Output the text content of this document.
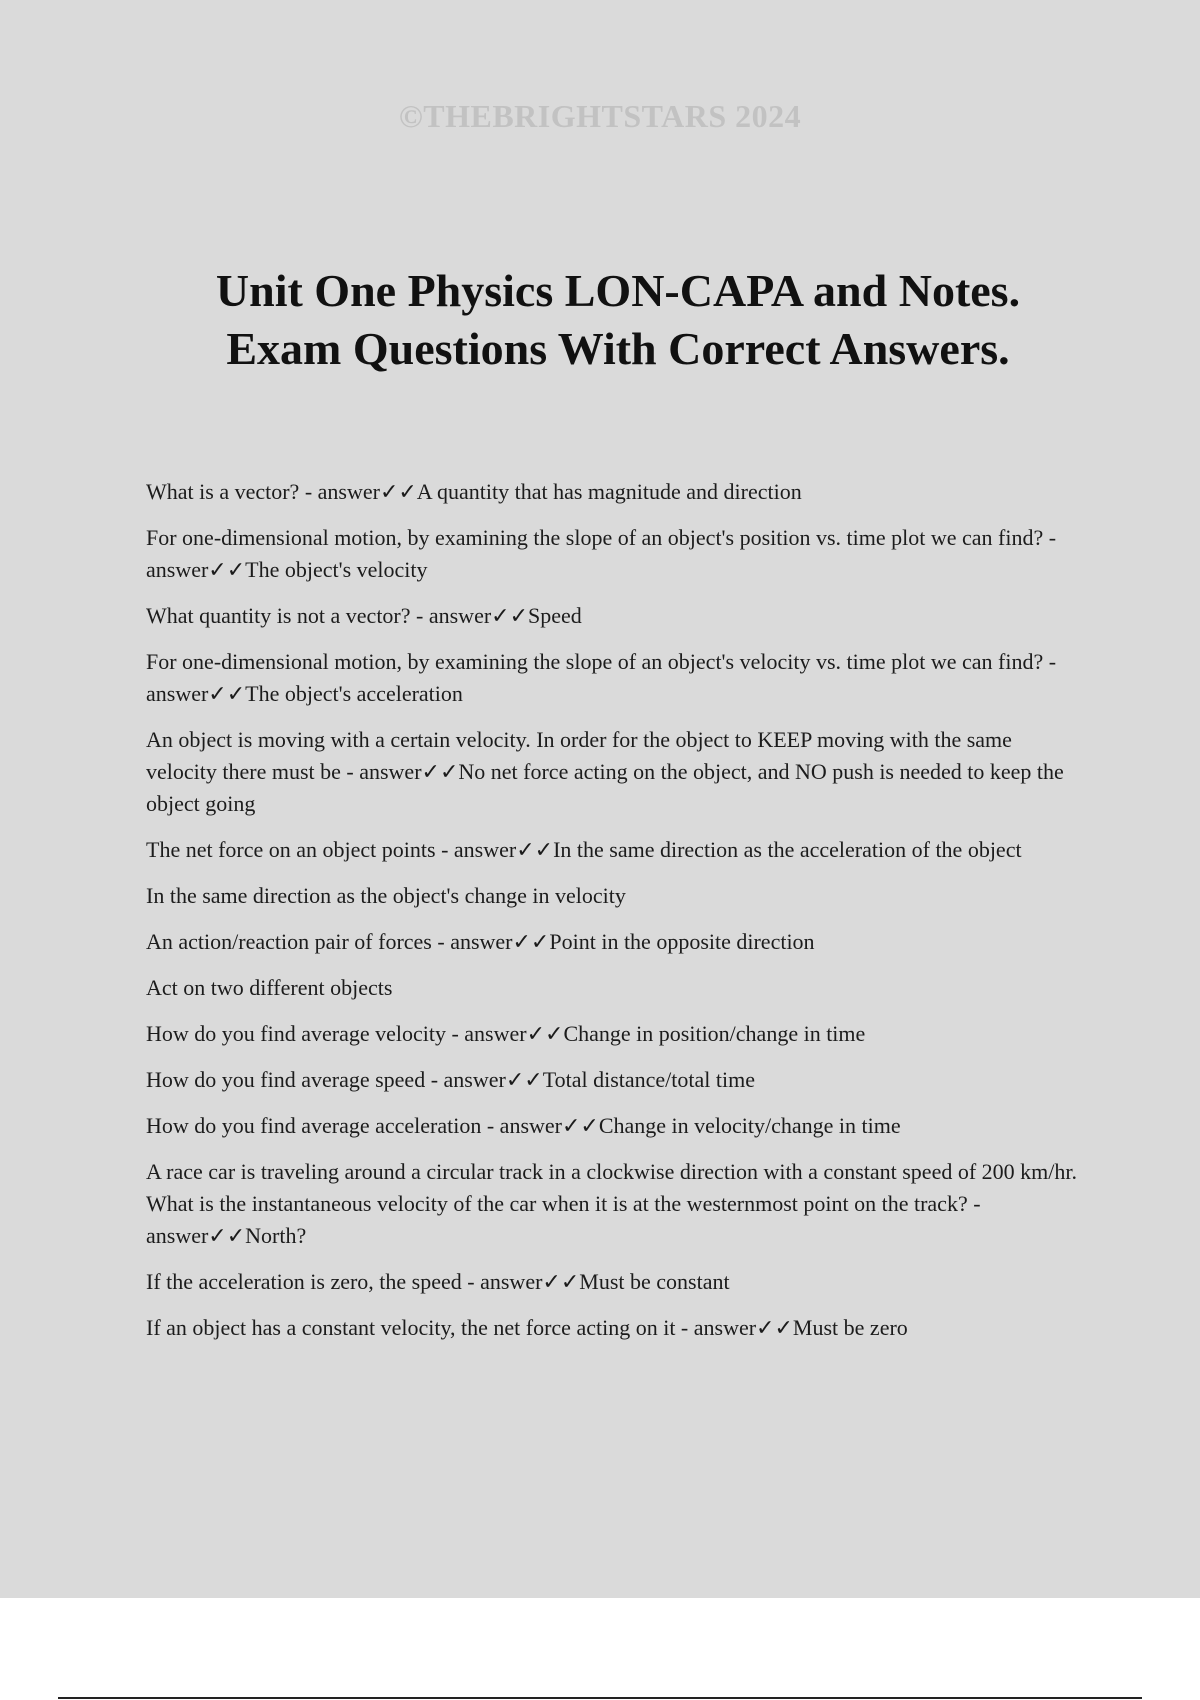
©THEBRIGHTSTARS 2024
Unit One Physics LON-CAPA and Notes.
Exam Questions With Correct Answers.
What is a vector? - answer✓✓A quantity that has magnitude and direction
For one-dimensional motion, by examining the slope of an object's position vs. time plot we can find? - answer✓✓The object's velocity
What quantity is not a vector? - answer✓✓Speed
For one-dimensional motion, by examining the slope of an object's velocity vs. time plot we can find? - answer✓✓The object's acceleration
An object is moving with a certain velocity. In order for the object to KEEP moving with the same velocity there must be - answer✓✓No net force acting on the object, and NO push is needed to keep the object going
The net force on an object points - answer✓✓In the same direction as the acceleration of the object
In the same direction as the object's change in velocity
An action/reaction pair of forces - answer✓✓Point in the opposite direction
Act on two different objects
How do you find average velocity - answer✓✓Change in position/change in time
How do you find average speed - answer✓✓Total distance/total time
How do you find average acceleration - answer✓✓Change in velocity/change in time
A race car is traveling around a circular track in a clockwise direction with a constant speed of 200 km/hr. What is the instantaneous velocity of the car when it is at the westernmost point on the track? - answer✓✓North?
If the acceleration is zero, the speed - answer✓✓Must be constant
If an object has a constant velocity, the net force acting on it - answer✓✓Must be zero
